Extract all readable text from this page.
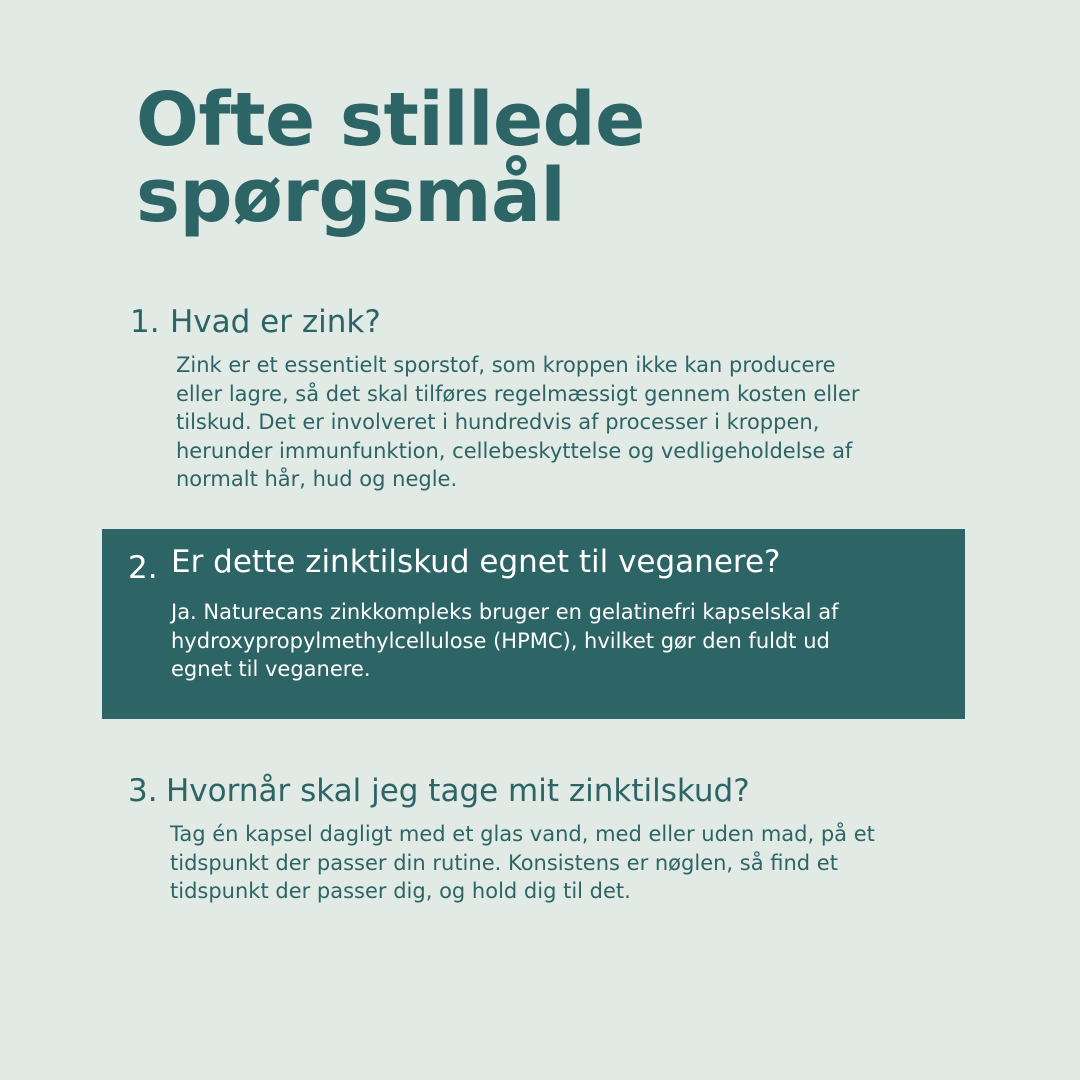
Ofte stillede
spørgsmål
1. Hvad er zink?

Zink er et essentielt sporstof, som kroppen ikke kan producere
eller lagre, så det skal tilføres regelmæssigt gennem kosten eller
tilskud. Det er involveret i hundredvis af processer i kroppen,
herunder immunfunktion, cellebeskyttelse og vedligeholdelse af
normalt hår, hud og negle.

2. Er dette zinktilskud egnet til veganere?

Ja. Naturecans zinkkompleks bruger en gelatinefri kapselskal af
hydroxypropylmethylcellulose (HPMC), hvilket gør den fuldt ud
egnet til veganere.

3. Hvornår skal jeg tage mit zinktilskud?

Tag én kapsel dagligt med et glas vand, med eller uden mad, på et
tidspunkt der passer din rutine. Konsistens er nøglen, så find et
tidspunkt der passer dig, og hold dig til det.
